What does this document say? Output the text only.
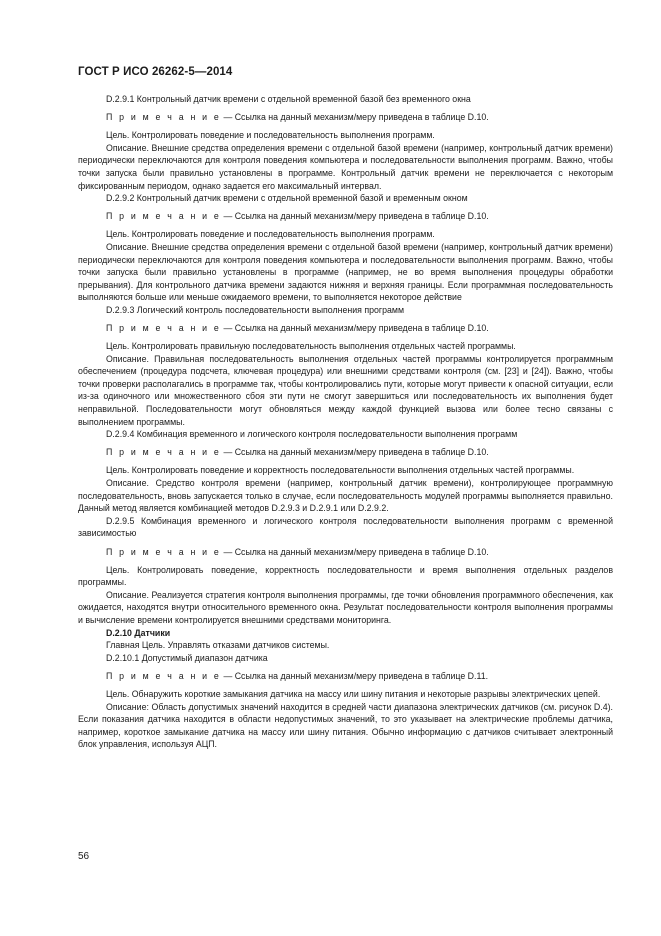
ГОСТ Р ИСО 26262-5—2014

D.2.9.1 Контрольный датчик времени с отдельной временной базой без временного окна

П р и м е ч а н и е — Ссылка на данный механизм/меру приведена в таблице D.10.

Цель. Контролировать поведение и последовательность выполнения программ.

Описание. Внешние средства определения времени с отдельной базой времени (например, контрольный датчик времени) периодически переключаются для контроля поведения компьютера и последовательности выполнения программ. Важно, чтобы точки запуска были правильно установлены в программе. Контрольный датчик времени не переключается с некоторым фиксированным периодом, однако задается его максимальный интервал.

D.2.9.2 Контрольный датчик времени с отдельной временной базой и временным окном

П р и м е ч а н и е — Ссылка на данный механизм/меру приведена в таблице D.10.

Цель. Контролировать поведение и последовательность выполнения программ.

Описание. Внешние средства определения времени с отдельной базой времени (например, контрольный датчик времени) периодически переключаются для контроля поведения компьютера и последовательности выполнения программ. Важно, чтобы точки запуска были правильно установлены в программе (например, не во время выполнения процедуры обработки прерывания). Для контрольного датчика времени задаются нижняя и верхняя границы. Если программная последовательность выполняются больше или меньше ожидаемого времени, то выполняется некоторое действие

D.2.9.3 Логический контроль последовательности выполнения программ

П р и м е ч а н и е — Ссылка на данный механизм/меру приведена в таблице D.10.

Цель. Контролировать правильную последовательность выполнения отдельных частей программы.

Описание. Правильная последовательность выполнения отдельных частей программы контролируется программным обеспечением (процедура подсчета, ключевая процедура) или внешними средствами контроля (см. [23] и [24]). Важно, чтобы точки проверки располагались в программе так, чтобы контролировались пути, которые могут привести к опасной ситуации, если из-за одиночного или множественного сбоя эти пути не смогут завершиться или последовательность их выполнения будет неправильной. Последовательности могут обновляться между каждой функцией вызова или более тесно связаны с выполнением программы.

D.2.9.4 Комбинация временного и логического контроля последовательности выполнения программ

П р и м е ч а н и е — Ссылка на данный механизм/меру приведена в таблице D.10.

Цель. Контролировать поведение и корректность последовательности выполнения отдельных частей программы.

Описание. Средство контроля времени (например, контрольный датчик времени), контролирующее программную последовательность, вновь запускается только в случае, если последовательность модулей программы выполняется правильно. Данный метод является комбинацией методов D.2.9.3 и D.2.9.1 или D.2.9.2.

D.2.9.5 Комбинация временного и логического контроля последовательности выполнения программ с временной зависимостью

П р и м е ч а н и е — Ссылка на данный механизм/меру приведена в таблице D.10.

Цель. Контролировать поведение, корректность последовательности и время выполнения отдельных разделов программы.

Описание. Реализуется стратегия контроля выполнения программы, где точки обновления программного обеспечения, как ожидается, находятся внутри относительного временного окна. Результат последовательности контроля выполнения программы и вычисление времени контролируется внешними средствами мониторинга.

D.2.10 Датчики

Главная Цель. Управлять отказами датчиков системы.

D.2.10.1 Допустимый диапазон датчика

П р и м е ч а н и е — Ссылка на данный механизм/меру приведена в таблице D.11.

Цель. Обнаружить короткие замыкания датчика на массу или шину питания и некоторые разрывы электрических цепей.

Описание: Область допустимых значений находится в средней части диапазона электрических датчиков (см. рисунок D.4). Если показания датчика находится в области недопустимых значений, то это указывает на электрические проблемы датчика, например, короткое замыкание датчика на массу или шину питания. Обычно информацию с датчиков считывает электронный блок управления, используя АЦП.

56
